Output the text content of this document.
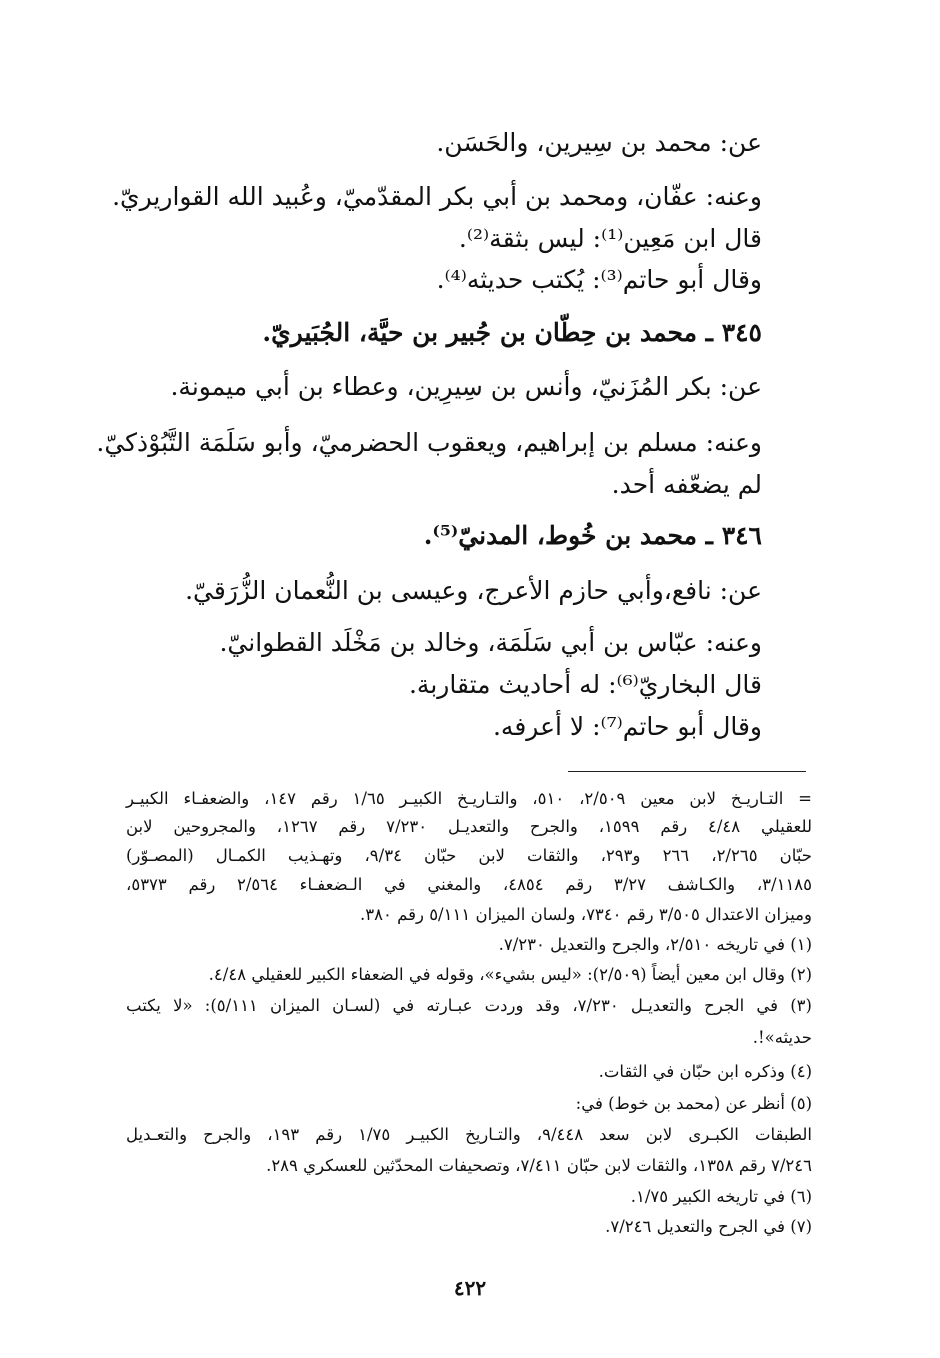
عن: محمد بن سِيرين، والحَسَن.
وعنه: عفّان، ومحمد بن أبي بكر المقدّميّ، وعُبيد الله القواريريّ.
قال ابن مَعِين⁽¹⁾: ليس بثقة⁽²⁾.
وقال أبو حاتم⁽³⁾: يُكتب حديثه⁽⁴⁾.
٣٤٥ ـ محمد بن حِطّان بن جُبير بن حيَّة، الجُبَيريّ.
عن: بكر المُزَنيّ، وأنس بن سِيرِين، وعطاء بن أبي ميمونة.
وعنه: مسلم بن إبراهيم، ويعقوب الحضرميّ، وأبو سَلَمَة التَّبُوْذكيّ.
لم يضعّفه أحد.
٣٤٦ ـ محمد بن خُوط، المدنيّ⁽⁵⁾.
عن: نافع،وأبي حازم الأعرج، وعيسى بن النُّعمان الزُّرَقيّ.
وعنه: عبّاس بن أبي سَلَمَة، وخالد بن مَخْلَد القطوانيّ.
قال البخاريّ⁽⁶⁾: له أحاديث متقاربة.
وقال أبو حاتم⁽⁷⁾: لا أعرفه.
= التـاريـخ لابن معين ٢/٥٠٩، ٥١٠، والتـاريـخ الكبيـر ١/٦٥ رقم ١٤٧، والضعفـاء الكبيـر
للعقيلي ٤/٤٨ رقم ١٥٩٩، والجرح والتعديـل ٧/٢٣٠ رقم ١٢٦٧، والمجروحين لابن
حبّان ٢/٢٦٥، ٢٦٦ و٢٩٣، والثقات لابن حبّان ٩/٣٤، وتهـذيب الكمـال (المصـوّر)
٣/١١٨٥، والكـاشف ٣/٢٧ رقم ٤٨٥٤، والمغني في الـضعفـاء ٢/٥٦٤ رقم ٥٣٧٣،
وميزان الاعتدال ٣/٥٠٥ رقم ٧٣٤٠، ولسان الميزان ٥/١١١ رقم ٣٨٠.
(١) في تاريخه ٢/٥١٠، والجرح والتعديل ٧/٢٣٠.
(٢) وقال ابن معين أيضاً (٢/٥٠٩): «ليس بشيء»، وقوله في الضعفاء الكبير للعقيلي ٤/٤٨.
(٣) في الجرح والتعديـل ٧/٢٣٠، وقد وردت عبـارته في (لسـان الميزان ٥/١١١): «لا يكتب
حديثه»!.
(٤) وذكره ابن حبّان في الثقات.
(٥) أنظر عن (محمد بن خوط) في:
الطبقات الكبـرى لابن سعد ٩/٤٤٨، والتـاريخ الكبيـر ١/٧٥ رقم ١٩٣، والجرح والتعـديل
٧/٢٤٦ رقم ١٣٥٨، والثقات لابن حبّان ٧/٤١١، وتصحيفات المحدّثين للعسكري ٢٨٩.
(٦) في تاريخه الكبير ١/٧٥.
(٧) في الجرح والتعديل ٧/٢٤٦.
٤٢٢
